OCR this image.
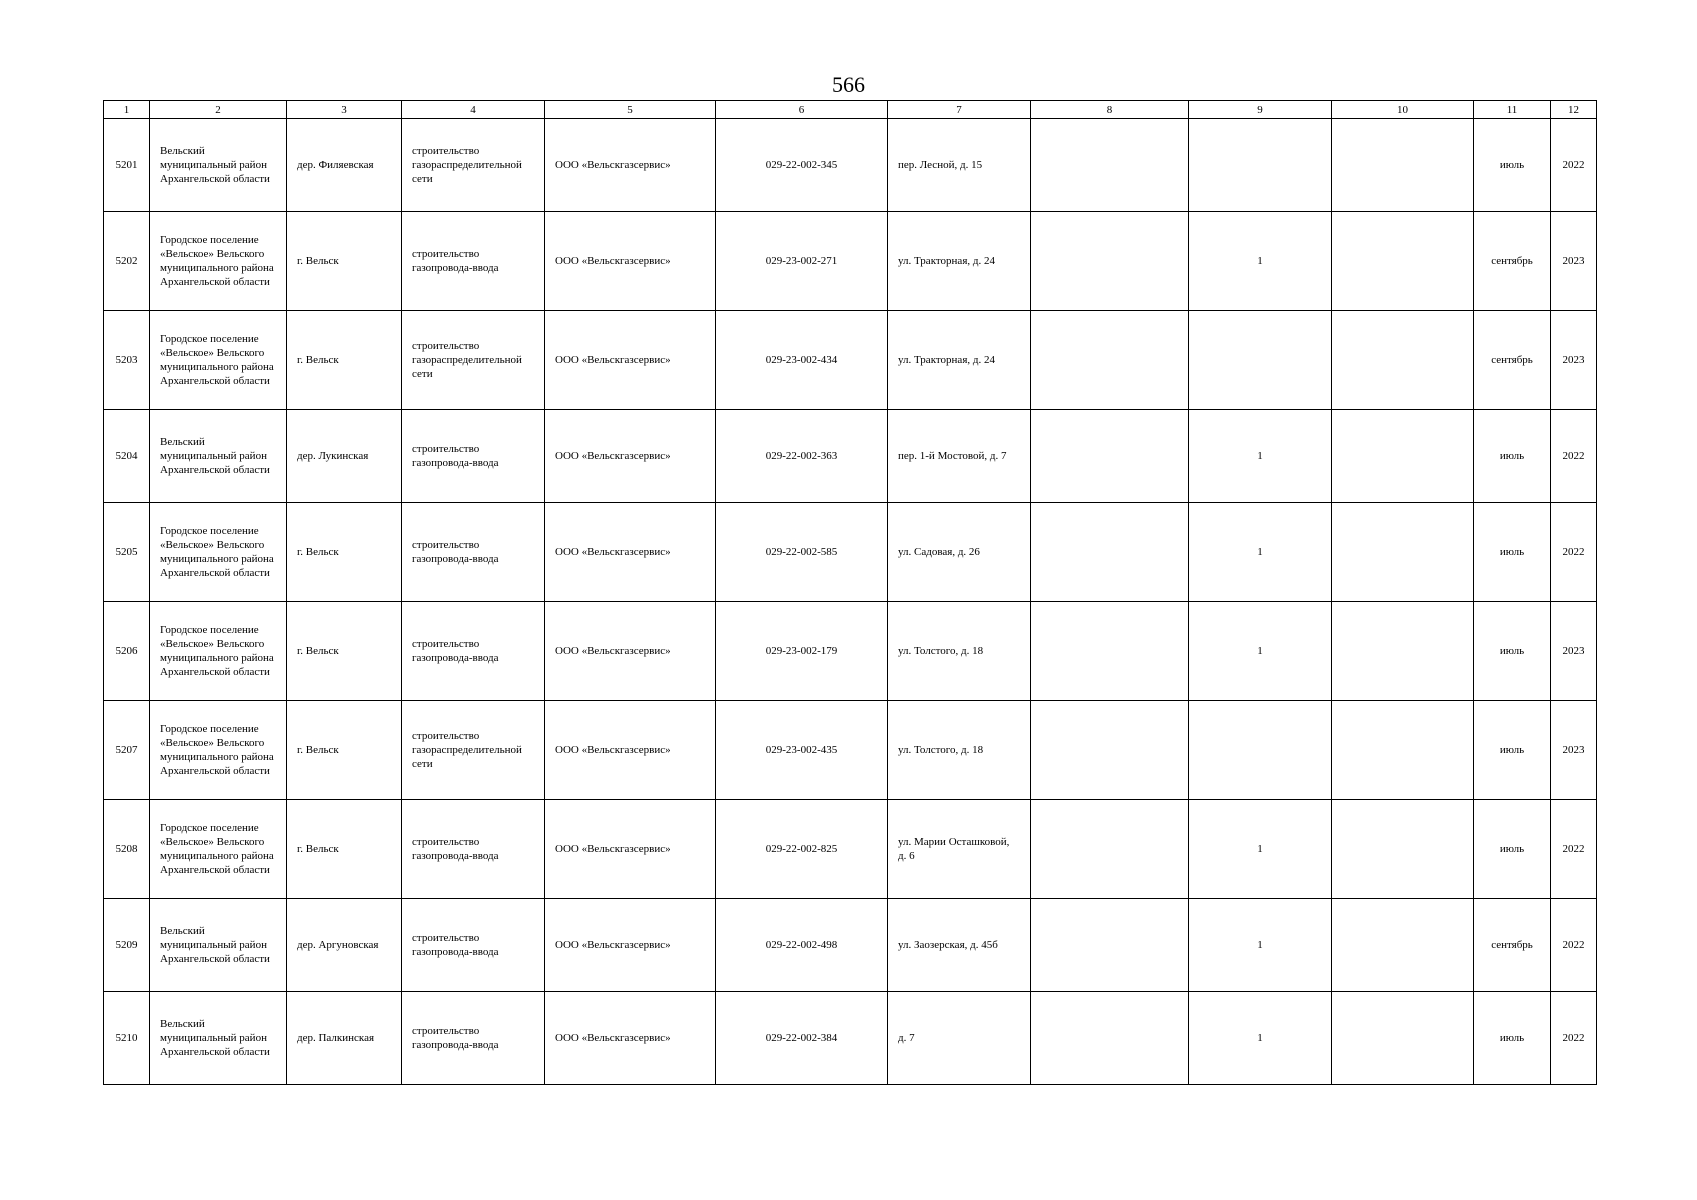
566
1	2	3	4	5	6	7	8	9	10	11	12
5201	Вельский муниципальный район Архангельской области	дер. Филяевская	строительство газораспределительной сети	ООО «Вельскгазсервис»	029-22-002-345	пер. Лесной, д. 15				июль	2022
5202	Городское поселение «Вельское» Вельского муниципального района Архангельской области	г. Вельск	строительство газопровода-ввода	ООО «Вельскгазсервис»	029-23-002-271	ул. Тракторная, д. 24		1		сентябрь	2023
5203	Городское поселение «Вельское» Вельского муниципального района Архангельской области	г. Вельск	строительство газораспределительной сети	ООО «Вельскгазсервис»	029-23-002-434	ул. Тракторная, д. 24				сентябрь	2023
5204	Вельский муниципальный район Архангельской области	дер. Лукинская	строительство газопровода-ввода	ООО «Вельскгазсервис»	029-22-002-363	пер. 1-й Мостовой, д. 7		1		июль	2022
5205	Городское поселение «Вельское» Вельского муниципального района Архангельской области	г. Вельск	строительство газопровода-ввода	ООО «Вельскгазсервис»	029-22-002-585	ул. Садовая, д. 26		1		июль	2022
5206	Городское поселение «Вельское» Вельского муниципального района Архангельской области	г. Вельск	строительство газопровода-ввода	ООО «Вельскгазсервис»	029-23-002-179	ул. Толстого, д. 18		1		июль	2023
5207	Городское поселение «Вельское» Вельского муниципального района Архангельской области	г. Вельск	строительство газораспределительной сети	ООО «Вельскгазсервис»	029-23-002-435	ул. Толстого, д. 18				июль	2023
5208	Городское поселение «Вельское» Вельского муниципального района Архангельской области	г. Вельск	строительство газопровода-ввода	ООО «Вельскгазсервис»	029-22-002-825	ул. Марии Осташковой, д. 6		1		июль	2022
5209	Вельский муниципальный район Архангельской области	дер. Аргуновская	строительство газопровода-ввода	ООО «Вельскгазсервис»	029-22-002-498	ул. Заозерская, д. 45б		1		сентябрь	2022
5210	Вельский муниципальный район Архангельской области	дер. Палкинская	строительство газопровода-ввода	ООО «Вельскгазсервис»	029-22-002-384	д. 7		1		июль	2022
